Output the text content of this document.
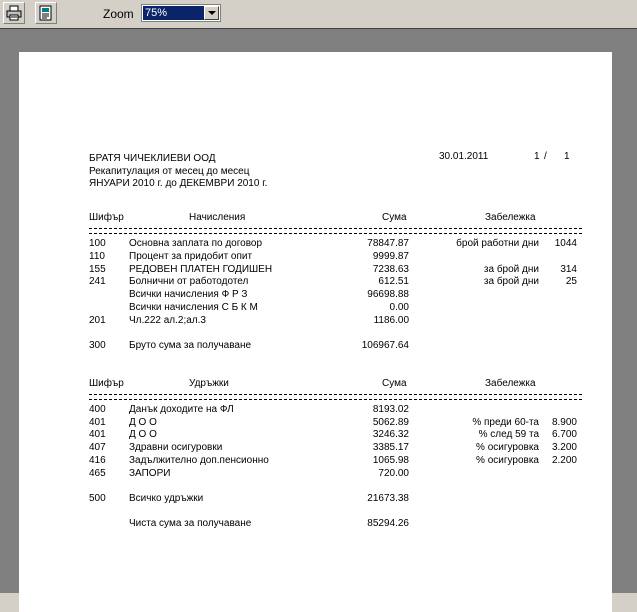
Zoom 75%
БРАТЯ ЧИЧЕКЛИЕВИ ООД
Рекапитулация от месец до месец
ЯНУАРИ 2010 г. до ДЕКЕМВРИ 2010 г.
30.01.2011	1 / 1
Шифър	Начисления	Сума	Забележка
100 Основна заплата по договор	78847.87	брой работни дни	1044
110 Процент за придобит опит	9999.87
155 РЕДОВЕН ПЛАТЕН ГОДИШЕН	7238.63	за брой дни	314
241 Болнични от работодотел	612.51	за брой дни	25
Всички начисления Ф Р З	96698.88
Всички начисления С Б К М	0.00
201 Чл.222 ал.2;ал.3	1186.00
300 Бруто сума за получаване	106967.64
Шифър	Удръжки	Сума	Забележка
400 Данък доходите на ФЛ	8193.02
401 Д О О	5062.89	% преди 60-та	8.900
401 Д О О	3246.32	% след 59 та	6.700
407 Здравни осигуровки	3385.17	% осигуровка	3.200
416 Задължително доп.пенсионно	1065.98	% осигуровка	2.200
465 ЗАПОРИ	720.00
500 Всичко удръжки	21673.38
Чиста сума за получаване	85294.26
